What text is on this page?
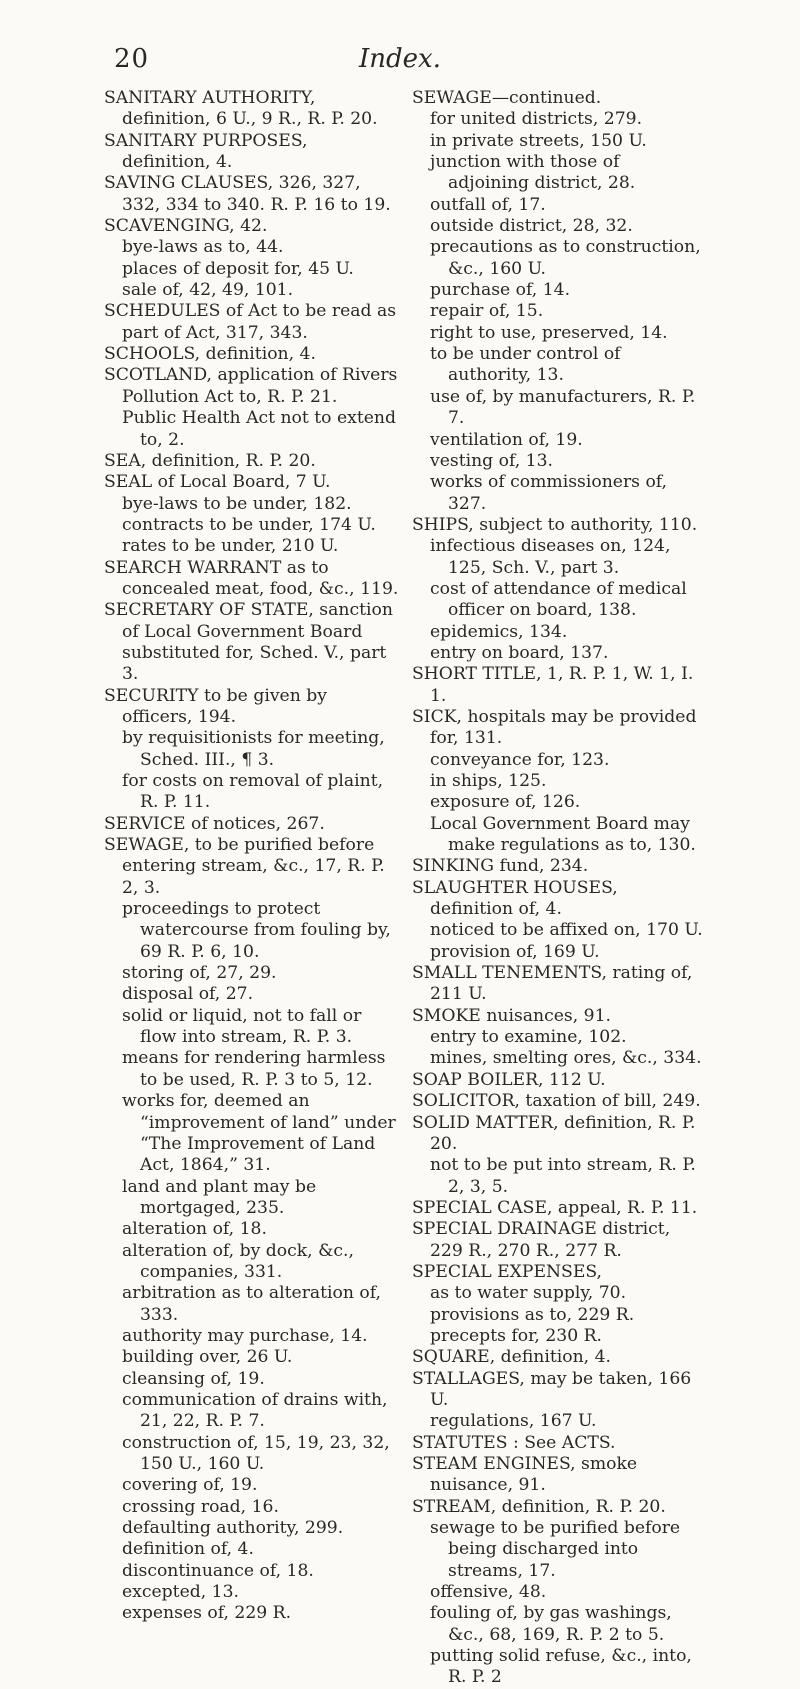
20	Index.

SANITARY AUTHORITY, definition, 6 U., 9 R., R. P. 20.

SANITARY PURPOSES, definition, 4.

SAVING CLAUSES, 326, 327, 332, 334 to 340. R. P. 16 to 19.

SCAVENGING, 42.

bye-laws as to, 44.

places of deposit for, 45 U.

sale of, 42, 49, 101.

SCHEDULES of Act to be read as part of Act, 317, 343.

SCHOOLS, definition, 4.

SCOTLAND, application of Rivers Pollution Act to, R. P. 21.

Public Health Act not to extend to, 2.

SEA, definition, R. P. 20.

SEAL of Local Board, 7 U.

bye-laws to be under, 182.

contracts to be under, 174 U.

rates to be under, 210 U.

SEARCH WARRANT as to concealed meat, food, &c., 119.

SECRETARY OF STATE, sanction of Local Government Board substituted for, Sched. V., part 3.

SECURITY to be given by officers, 194.

by requisitionists for meeting, Sched. III., ¶ 3.

for costs on removal of plaint, R. P. 11.

SERVICE of notices, 267.

SEWAGE, to be purified before entering stream, &c., 17, R. P. 2, 3.

proceedings to protect watercourse from fouling by, 69 R. P. 6, 10.

storing of, 27, 29.

disposal of, 27.

solid or liquid, not to fall or flow into stream, R. P. 3.

means for rendering harmless to be used, R. P. 3 to 5, 12.

works for, deemed an “improvement of land” under “The Improvement of Land Act, 1864,” 31.

land and plant may be mortgaged, 235.

alteration of, 18.

alteration of, by dock, &c., companies, 331.

arbitration as to alteration of, 333.

authority may purchase, 14.

building over, 26 U.

cleansing of, 19.

communication of drains with, 21, 22, R. P. 7.

construction of, 15, 19, 23, 32, 150 U., 160 U.

covering of, 19.

crossing road, 16.

defaulting authority, 299.

definition of, 4.

discontinuance of, 18.

excepted, 13.

expenses of, 229 R.

SEWAGE—continued.

for united districts, 279.

in private streets, 150 U.

junction with those of adjoining district, 28.

outfall of, 17.

outside district, 28, 32.

precautions as to construction, &c., 160 U.

purchase of, 14.

repair of, 15.

right to use, preserved, 14.

to be under control of authority, 13.

use of, by manufacturers, R. P. 7.

ventilation of, 19.

vesting of, 13.

works of commissioners of, 327.

SHIPS, subject to authority, 110.

infectious diseases on, 124, 125, Sch. V., part 3.

cost of attendance of medical officer on board, 138.

epidemics, 134.

entry on board, 137.

SHORT TITLE, 1, R. P. 1, W. 1, I. 1.

SICK, hospitals may be provided for, 131.

conveyance for, 123.

in ships, 125.

exposure of, 126.

Local Government Board may make regulations as to, 130.

SINKING fund, 234.

SLAUGHTER HOUSES, definition of, 4.

noticed to be affixed on, 170 U.

provision of, 169 U.

SMALL TENEMENTS, rating of, 211 U.

SMOKE nuisances, 91.

entry to examine, 102.

mines, smelting ores, &c., 334.

SOAP BOILER, 112 U.

SOLICITOR, taxation of bill, 249.

SOLID MATTER, definition, R. P. 20.

not to be put into stream, R. P. 2, 3, 5.

SPECIAL CASE, appeal, R. P. 11.

SPECIAL DRAINAGE district, 229 R., 270 R., 277 R.

SPECIAL EXPENSES,

as to water supply, 70.

provisions as to, 229 R.

precepts for, 230 R.

SQUARE, definition, 4.

STALLAGES, may be taken, 166 U.

regulations, 167 U.

STATUTES : See ACTS.

STEAM ENGINES, smoke nuisance, 91.

STREAM, definition, R. P. 20.

sewage to be purified before being discharged into streams, 17.

offensive, 48.

fouling of, by gas washings, &c., 68, 169, R. P. 2 to 5.

putting solid refuse, &c., into, R. P. 2
